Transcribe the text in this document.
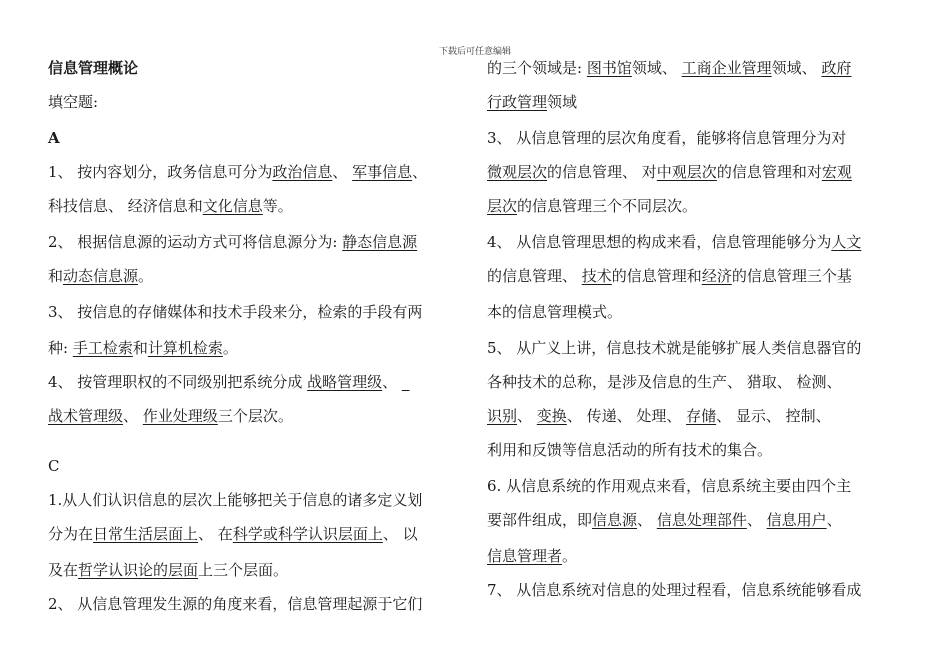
下载后可任意编辑
信息管理概论
填空题:
A
1、 按内容划分，政务信息可分为政治信息、 军事信息、
科技信息、 经济信息和文化信息等。
2、 根据信息源的运动方式可将信息源分为: 静态信息源
和动态信息源。
3、 按信息的存储媒体和技术手段来分，检索的手段有两
种: 手工检索和计算机检索。
4、 按管理职权的不同级别把系统分成 战略管理级、 _
战术管理级、 作业处理级三个层次。
C
1.从人们认识信息的层次上能够把关于信息的诸多定义划
分为在日常生活层面上、 在科学或科学认识层面上、 以
及在哲学认识论的层面上三个层面。
2、 从信息管理发生源的角度来看，信息管理起源于它们
的三个领域是: 图书馆领域、 工商企业管理领域、 政府
行政管理领域
3、 从信息管理的层次角度看，能够将信息管理分为对
微观层次的信息管理、 对中观层次的信息管理和对宏观
层次的信息管理三个不同层次。
4、 从信息管理思想的构成来看，信息管理能够分为人文
的信息管理、 技术的信息管理和经济的信息管理三个基
本的信息管理模式。
5、 从广义上讲，信息技术就是能够扩展人类信息器官的
各种技术的总称，是涉及信息的生产、 猎取、 检测、
识别、 变换、 传递、 处理、 存储、 显示、 控制、
利用和反馈等信息活动的所有技术的集合。
6. 从信息系统的作用观点来看，信息系统主要由四个主
要部件组成，即信息源、 信息处理部件、 信息用户、
信息管理者。
7、 从信息系统对信息的处理过程看，信息系统能够看成
